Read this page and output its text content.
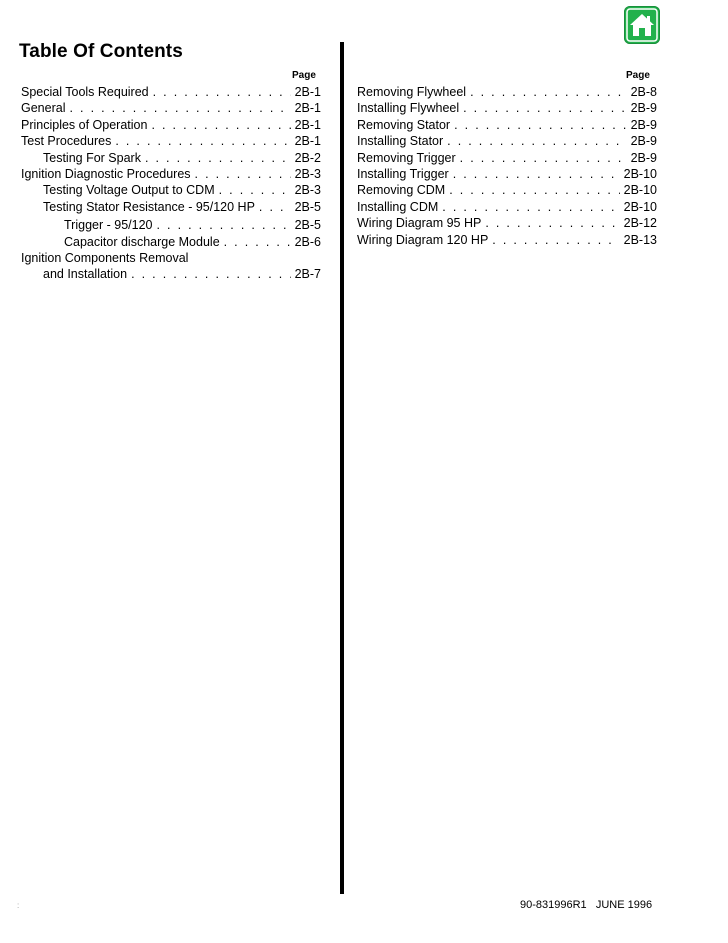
Table Of Contents
Page	Page
Special Tools Required . . .	2B-1
General . . .	2B-1
Principles of Operation . . .	2B-1
Test Procedures . . .	2B-1
Testing For Spark . . .	2B-2
Ignition Diagnostic Procedures . . .	2B-3
Testing Voltage Output to CDM . . .	2B-3
Testing Stator Resistance - 95/120 HP . . .	2B-5
Trigger - 95/120 . . .	2B-5
Capacitor discharge Module . . .	2B-6
Ignition Components Removal
and Installation . . .	2B-7
Removing Flywheel . . .	2B-8
Installing Flywheel . . .	2B-9
Removing Stator . . .	2B-9
Installing Stator . . .	2B-9
Removing Trigger . . .	2B-9
Installing Trigger . . .	2B-10
Removing CDM . . .	2B-10
Installing CDM . . .	2B-10
Wiring Diagram 95 HP . . .	2B-12
Wiring Diagram 120 HP . . .	2B-13
:	90-831996R1 JUNE 1996
